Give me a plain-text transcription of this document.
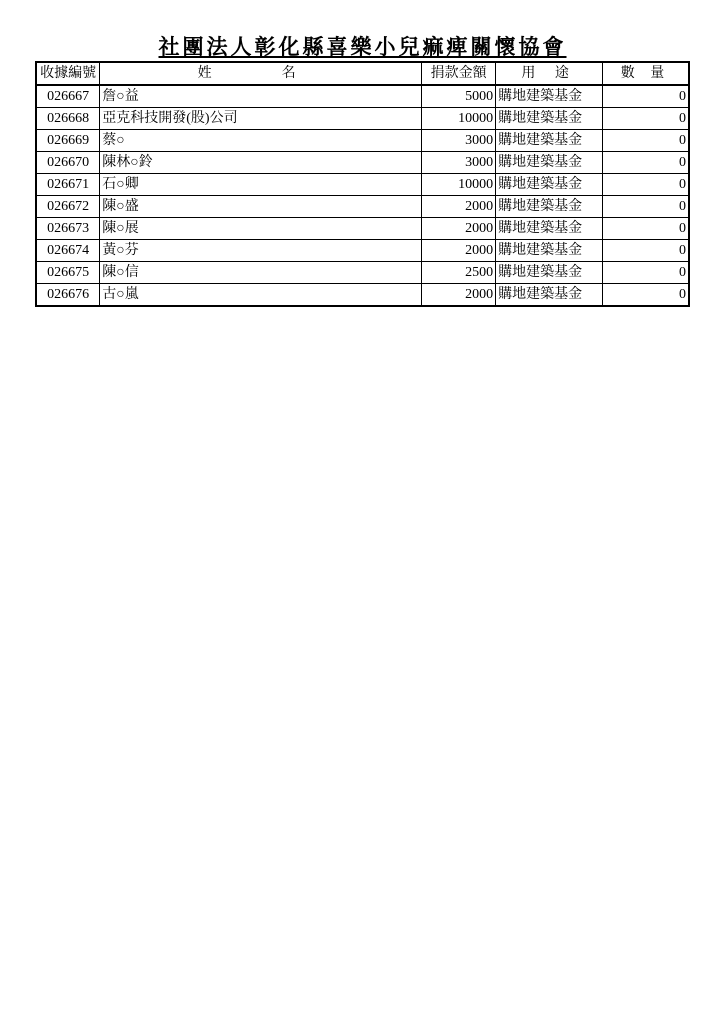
社團法人彰化縣喜樂小兒痲痺關懷協會
收據編號	姓　名	捐款金額	用 途	數 量
026667	詹○益	5000	購地建築基金	0
026668	亞克科技開發(股)公司	10000	購地建築基金	0
026669	蔡○	3000	購地建築基金	0
026670	陳林○鈴	3000	購地建築基金	0
026671	石○卿	10000	購地建築基金	0
026672	陳○盛	2000	購地建築基金	0
026673	陳○展	2000	購地建築基金	0
026674	黃○芬	2000	購地建築基金	0
026675	陳○信	2500	購地建築基金	0
026676	古○嵐	2000	購地建築基金	0
